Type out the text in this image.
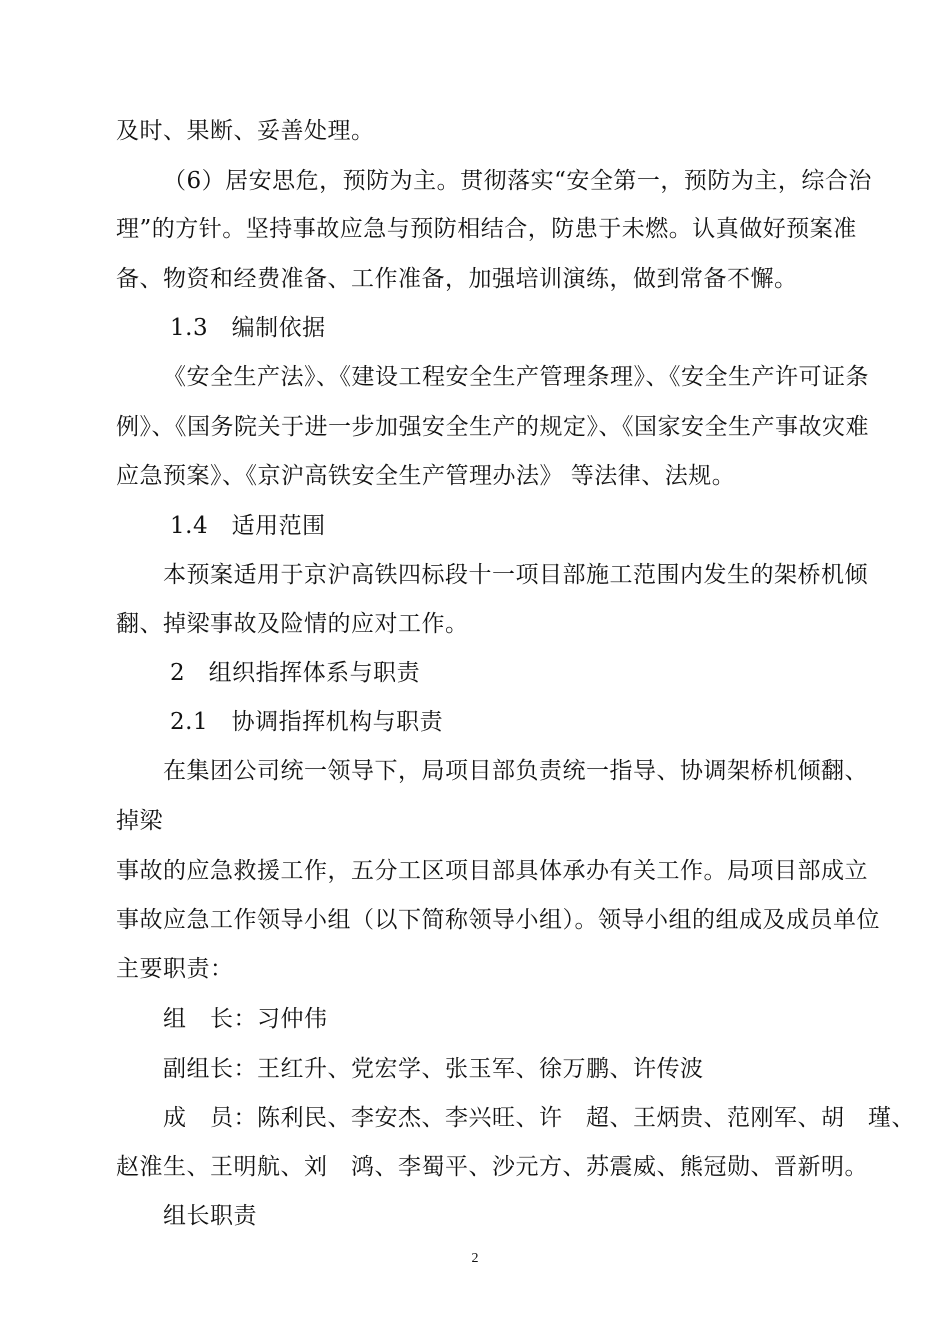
及时、果断、妥善处理。
（6）居安思危，预防为主。贯彻落实“安全第一，预防为主，综合治
理”的方针。坚持事故应急与预防相结合，防患于未燃。认真做好预案准
备、物资和经费准备、工作准备，加强培训演练，做到常备不懈。
1.3　编制依据
《安全生产法》、《建设工程安全生产管理条理》、《安全生产许可证条
例》、《国务院关于进一步加强安全生产的规定》、《国家安全生产事故灾难
应急预案》、《京沪高铁安全生产管理办法》 等法律、法规。
1.4　适用范围
本预案适用于京沪高铁四标段十一项目部施工范围内发生的架桥机倾
翻、掉梁事故及险情的应对工作。
2　组织指挥体系与职责
2.1　协调指挥机构与职责
在集团公司统一领导下，局项目部负责统一指导、协调架桥机倾翻、
掉梁
事故的应急救援工作，五分工区项目部具体承办有关工作。局项目部成立
事故应急工作领导小组（以下简称领导小组）。领导小组的组成及成员单位
主要职责：
组　长：习仲伟
副组长：王红升、党宏学、张玉军、徐万鹏、许传波
成　员：陈利民、李安杰、李兴旺、许　超、王炳贵、范刚军、胡　瑾、
赵淮生、王明航、刘　鸿、李蜀平、沙元方、苏震威、熊冠勋、晋新明。
组长职责
2
